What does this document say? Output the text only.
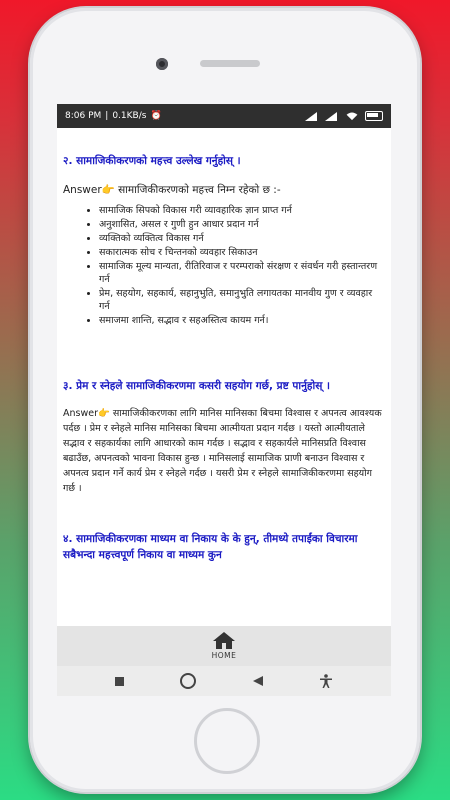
8:06 PM | 0.1KB/s ⏰

२. सामाजिकीकरणको महत्त्व उल्लेख गर्नुहोस् ।

Answer👉 सामाजिकीकरणको महत्त्व निम्न रहेको छ :-

• सामाजिक सिपको विकास गरी व्यावहारिक ज्ञान प्राप्त गर्न
• अनुशासित, असल र गुणी हुन आधार प्रदान गर्न
• व्यक्तिको व्यक्तित्व विकास गर्न
• सकारात्मक सोच र चिन्तनको व्यवहार सिकाउन
• सामाजिक मूल्य मान्यता, रीतिरिवाज र परम्पराको संरक्षण र संवर्धन गरी हस्तान्तरण गर्न
• प्रेम, सहयोग, सहकार्य, सहानुभुति, समानुभुति लगायतका मानवीय गुण र व्यवहार गर्न
• समाजमा शान्ति, सद्भाव र सहअस्तित्व कायम गर्न।

३. प्रेम र स्नेहले सामाजिकीकरणमा कसरी सहयोग गर्छ, प्रष्ट पार्नुहोस् ।

Answer👉 सामाजिकीकरणका लागि मानिस मानिसका बिचमा विश्वास र अपनत्व आवश्यक पर्दछ । प्रेम र स्नेहले मानिस मानिसका बिचमा आत्मीयता प्रदान गर्दछ । यस्तो आत्मीयताले सद्भाव र सहकार्यका लागि आधारको काम गर्दछ । सद्भाव र सहकार्यले मानिसप्रति विश्वास बढाउँछ, अपनत्वको भावना विकास हुन्छ । मानिसलाई सामाजिक प्राणी बनाउन विश्वास र अपनत्व प्रदान गर्ने कार्य प्रेम र स्नेहले गर्दछ । यसरी प्रेम र स्नेहले सामाजिकीकरणमा सहयोग गर्छ ।

४. सामाजिकीकरणका माध्यम वा निकाय के के हुन्, तीमध्ये तपाईंका विचारमा सबैभन्दा महत्त्वपूर्ण निकाय वा माध्यम कुन

HOME
